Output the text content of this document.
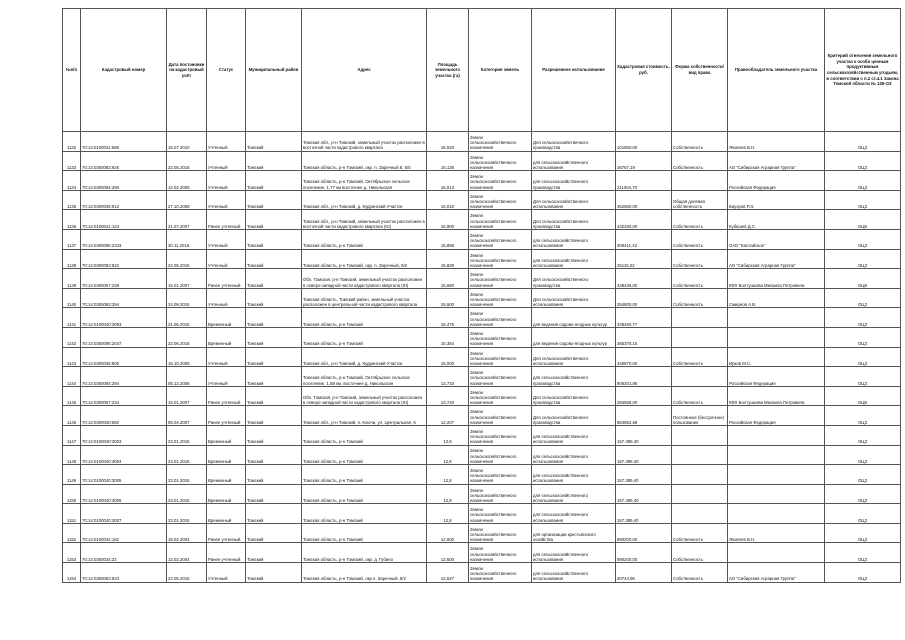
№п/п	Кадастровый номер	Дата постановки на кадастровый учёт	Статус	Муниципальный район	Адрес	Площадь земельного участка (га)	Категория земель	Разрешенное использование	Кадастровая стоимость, руб.	Форма собственности/вид права	Правообладатель земельного участка	Критерий отнесения земельного участка к особо ценным продуктивным сельскохозяйственным угодьям, в соответствии с п.2 ст.4.1 Закона Томской области № 135-ОЗ
1132	70:14:0100041:586	16.07.2010	Учтенный	Томский	Томская обл., р-н Томский, земельный участок расположен в восточной части кадастрового квартала	16,520	Земли сельскохозяйственного назначения	Для сельскохозяйственного производства	101850,00	Собственность	Яковлев В.Н.	ОЦЗ
1133	70:14:0300083:926	22.05.2015	Учтенный	Томский	Томская область, р-н Томский, окр. п. Заречный 8, 6/5	16,135	Земли сельскохозяйственного назначения	для сельскохозяйственного использования	26767,19	Собственность	АО "Сибирская Аграрная Группа"	ОЦЗ
1134	70:14:0300084:290	12.02.2008	Учтенный	Томский	Томская область, р-н Томский, Октябрьское сельское поселение, 1,77 км восточнее д. Никольская	16,013	Земли сельскохозяйственного назначения	для сельскохозяйственного производства	211004,70		Российская Федерация	ОЦЗ
1135	70:14:0300036:912	27.10.2008	Учтенный	Томский	Томская обл., р-н Томский, д. Кудринский Участок	16,010	Земли сельскохозяйственного назначения	Для сельскохозяйственного использования	362560,00	Общая долевая собственность	Бауэров Р.Э.	ОЦЗ
1136	70:14:0100041:123	21.07.2007	Ранее учтенный	Томский	Томская обл., р-н Томский, земельный участок расположен в восточной части кадастрового квартала (Ю)	15,900	Земли сельскохозяйственного назначения	Для сельскохозяйственного производства	432480,00	Собственность	Кубашев Д.С.	ОЦБ
1137	70:14:0300095:2343	30.11.2015	Учтенный	Томский	Томская область, р-н Томский	15,895	Земли сельскохозяйственного назначения	для сельскохозяйственного использования	308411,42	Собственность	ОАО "Калтайское"	ОЦЗ
1138	70:14:0300083:922	22.05.2015	Учтенный	Томский	Томская область, р-н Томский, окр. п. Заречный, 8/2	15,839	Земли сельскохозяйственного назначения	для сельскохозяйственного использования	26115,02	Собственность	АО "Сибирская Аграрная Группа"	ОЦЗ
1139	70:14:0300067:238	15.01.2007	Ранее учтенный	Томский	Обл. Томская, р-н Томский, земельный участок расположен в северо-западной части кадастрового квартала (Ю)	15,680	Земли сельскохозяйственного назначения	Для сельскохозяйственного производства	438436,00	Собственность	КФХ Болтушкова Михаила Петровича	ОЦБ
1140	70:14:0300093:294	24.09.2015	Учтенный	Томский	Томская область, Томский район, земельный участок расположен в центральной части кадастрового квартала	15,600	Земли сельскохозяйственного назначения	Для сельскохозяйственного использования	254800,00	Собственность	Смирнов А.В.	ОЦЗ
1141	70:14:0100040:3093	21.05.2015	Временный	Томский	Томская область, р-н Томский	15,475	Земли сельскохозяйственного назначения	для ведения садово-ягодных культур	348480,77			ОЦЗ
1142	70:14:0300095:2047	22.06.2015	Временный	Томский	Томская область, р-н Томский	15,354	Земли сельскохозяйственного назначения	для ведения садово-ягодных культур	365375,15			ОЦЗ
1143	70:14:0300036:805	15.10.2008	Учтенный	Томский	Томская обл., р-н Томский, д. Кудринский Участок	15,000	Земли сельскохозяйственного назначения	Для сельскохозяйственного использования	340870,00	Собственность	Ирков М.С.	ОЦЗ
1144	70:14:0300084:294	05.12.2008	Учтенный	Томский	Томская область, р-н Томский, Октябрьское сельское поселение, 1,58 км. восточнее д. Никольская	13,733	Земли сельскохозяйственного назначения	для сельскохозяйственного производства	806201,86		Российская Федерация	ОЦЗ
1145	70:14:0300067:234	15.01.2007	Ранее учтенный	Томский	Обл. Томская, р-н Томский, земельный участок расположен в северо-западной части кадастрового квартала (Ю)	13,720	Земли сельскохозяйственного назначения	Для сельскохозяйственного производства	294568,00	Собственность	КФХ Болтушкова Михаила Петровича	ОЦБ
1146	70:14:0300040:560	06.04.2007	Ранее учтенный	Томский	Томская обл., р-н Томский, п. Ключи, ул. Центральная, 6	12,207	Земли сельскохозяйственного назначения	Для сельскохозяйственного производства	864852,68	Постоянное (бессрочное) пользование	Российская Федерация	ОЦЗ
1147	70:14:0100040:3003	23.01.2015	Временный	Томский	Томская область, р-н Томский	12,8	Земли сельскохозяйственного назначения	для сельскохозяйственного использования	157.389,40			ОЦЗ
1148	70:14:0100040:3004	23.01.2015	Временный	Томский	Томская область, р-н Томский	12,8	Земли сельскохозяйственного назначения	для сельскохозяйственного использования	157.389,40			ОЦЗ
1149	70:14:0100040:3005	23.01.2015	Временный	Томский	Томская область, р-н Томский	12,8	Земли сельскохозяйственного назначения	для сельскохозяйственного использования	157.389,40			ОЦЗ
1150	70:14:0100040:3006	23.01.2015	Временный	Томский	Томская область, р-н Томский	12,8	Земли сельскохозяйственного назначения	для сельскохозяйственного использования	157.389,40			ОЦЗ
1151	70:14:0100040:3007	23.01.2015	Временный	Томский	Томская область, р-н Томский	12,8	Земли сельскохозяйственного назначения	для сельскохозяйственного использования	157.389,40			ОЦЗ
1152	70:14:0100034:162	18.02.2004	Ранее учтенный	Томский	Томская область, р-н Томский	12,600	Земли сельскохозяйственного назначения	для организации крестьянского хозяйства	890200,00	Собственность	Яковлев В.Н.	ОЦЗ
1153	70:14:0300034:22	12.02.2004	Ранее учтенный	Томский	Томская область, р-н Томский, окр. д. Губино	12,600	Земли сельскохозяйственного назначения	для сельскохозяйственного использования	890200,00	Собственность		ОЦЗ
1154	70:14:0300083:923	22.05.2015	Учтенный	Томский	Томская область, р-н Томский, окр п. Заречный, 8/2	12,527	Земли сельскохозяйственного назначения	для сельскохозяйственного использования	20744,96	Собственность	АО "Сибирская Аграрная Группа"	ОЦЗ
